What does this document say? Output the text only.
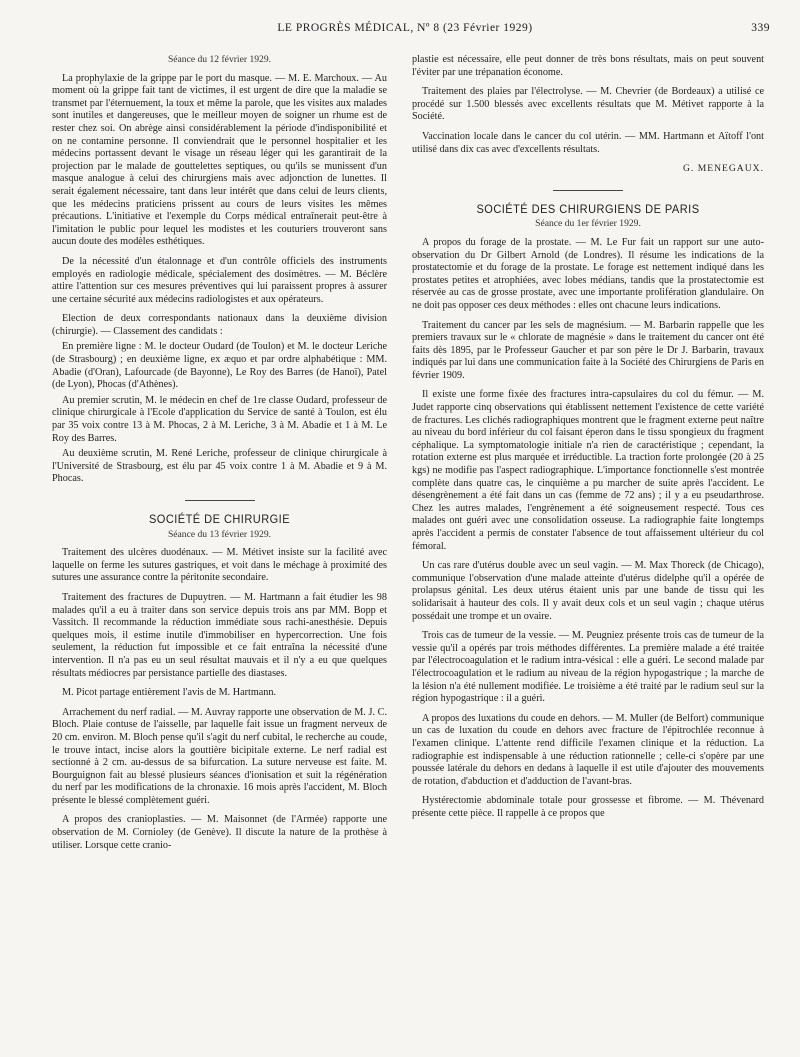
LE PROGRÈS MÉDICAL, Nº 8 (23 Février 1929)	339

Séance du 12 février 1929.

La prophylaxie de la grippe par le port du masque. — M. E. Marchoux. — Au moment où la grippe fait tant de victimes, il est urgent de dire que la maladie se transmet par l'éternuement, la toux et même la parole, que les visites aux malades sont inutiles et dangereuses, que le meilleur moyen de soigner un rhume est de rester chez soi. On abrège ainsi considérablement la période d'indisponibilité et on ne contamine personne. Il conviendrait que le personnel hospitalier et les médecins portassent devant le visage un réseau léger qui les garantirait de la projection par le malade de gouttelettes septiques, ou qu'ils se munissent d'un masque analogue à celui des chirurgiens mais avec adjonction de lunettes. Il serait également nécessaire, tant dans leur intérêt que dans celui de leurs clients, que les médecins praticiens prissent au cours de leurs visites les mêmes précautions. L'initiative et l'exemple du Corps médical entraînerait peut-être à l'imitation le public pour lequel les modistes et les couturiers trouveront sans aucun doute des modèles esthétiques.

De la nécessité d'un étalonnage et d'un contrôle officiels des instruments employés en radiologie médicale, spécialement des dosimètres. — M. Béclère attire l'attention sur ces mesures préventives qui lui paraissent propres à assurer une certaine sécurité aux médecins radiologistes et aux opérateurs.

Election de deux correspondants nationaux dans la deuxième division (chirurgie). — Classement des candidats :

En première ligne : M. le docteur Oudard (de Toulon) et M. le docteur Leriche (de Strasbourg) ; en deuxième ligne, ex æquo et par ordre alphabétique : MM. Abadie (d'Oran), Lafourcade (de Bayonne), Le Roy des Barres (de Hanoï), Patel (de Lyon), Phocas (d'Athènes).

Au premier scrutin, M. le médecin en chef de 1re classe Oudard, professeur de clinique chirurgicale à l'Ecole d'application du Service de santé à Toulon, est élu par 35 voix contre 13 à M. Phocas, 2 à M. Leriche, 3 à M. Abadie et 1 à M. Le Roy des Barres.

Au deuxième scrutin, M. René Leriche, professeur de clinique chirurgicale à l'Université de Strasbourg, est élu par 45 voix contre 1 à M. Abadie et 9 à M. Phocas.

SOCIÉTÉ DE CHIRURGIE

Séance du 13 février 1929.

Traitement des ulcères duodénaux. — M. Métivet insiste sur la facilité avec laquelle on ferme les sutures gastriques, et voit dans le méchage à proximité des sutures une assurance contre la péritonite secondaire.

Traitement des fractures de Dupuytren. — M. Hartmann a fait étudier les 98 malades qu'il a eu à traiter dans son service depuis trois ans par MM. Bopp et Vassitch. Il recommande la réduction immédiate sous rachi-anesthésie. Depuis quelques mois, il estime inutile d'immobiliser en hypercorrection. Une fois seulement, la réduction fut impossible et ce fait entraîna la nécessité d'une intervention. Il n'a pas eu un seul résultat mauvais et il n'y a eu que quelques résultats médiocres par persistance partielle des diastases.

M. Picot partage entièrement l'avis de M. Hartmann.

Arrachement du nerf radial. — M. Auvray rapporte une observation de M. J. C. Bloch. Plaie contuse de l'aisselle, par laquelle fait issue un fragment nerveux de 20 cm. environ. M. Bloch pense qu'il s'agit du nerf cubital, le recherche au coude, le trouve intact, incise alors la gouttière bicipitale externe. Le nerf radial est sectionné à 2 cm. au-dessus de sa bifurcation. La suture nerveuse est faite. M. Bourguignon fait au blessé plusieurs séances d'ionisation et suit la régénération du nerf par les modifications de la chronaxie. 16 mois après l'accident, M. Bloch présente le blessé complètement guéri.

A propos des cranioplasties. — M. Maisonnet (de l'Armée) rapporte une observation de M. Cornioley (de Genève). Il discute la nature de la prothèse à utiliser. Lorsque cette cranio-

plastie est nécessaire, elle peut donner de très bons résultats, mais on peut souvent l'éviter par une trépanation économe.

Traitement des plaies par l'électrolyse. — M. Chevrier (de Bordeaux) a utilisé ce procédé sur 1.500 blessés avec excellents résultats que M. Métivet rapporte à la Société.

Vaccination locale dans le cancer du col utérin. — MM. Hartmann et Aïtoff l'ont utilisé dans dix cas avec d'excellents résultats.

G. MENEGAUX.

SOCIÉTÉ DES CHIRURGIENS DE PARIS

Séance du 1er février 1929.

A propos du forage de la prostate. — M. Le Fur fait un rapport sur une auto-observation du Dr Gilbert Arnold (de Londres). Il résume les indications de la prostatectomie et du forage de la prostate. Le forage est nettement indiqué dans les prostates petites et atrophiées, avec lobes médians, tandis que la prostatectomie est réservée au cas de grosse prostate, avec une importante prolifération glandulaire. On ne doit pas opposer ces deux méthodes : elles ont chacune leurs indications.

Traitement du cancer par les sels de magnésium. — M. Barbarin rappelle que les premiers travaux sur le « chlorate de magnésie » dans le traitement du cancer ont été faits dès 1895, par le Professeur Gaucher et par son père le Dr J. Barbarin, travaux indiqués par lui dans une communication faite à la Société des Chirurgiens de Paris en février 1909.

Il existe une forme fixée des fractures intra-capsulaires du col du fémur. — M. Judet rapporte cinq observations qui établissent nettement l'existence de cette variété de fractures. Les clichés radiographiques montrent que le fragment externe peut naître au niveau du bord inférieur du col faisant éperon dans le tissu spongieux du fragment céphalique. La symptomatologie initiale n'a rien de caractéristique ; cependant, la rotation externe est plus marquée et irréductible. La traction forte prolongée (20 à 25 kgs) ne modifie pas l'aspect radiographique. L'importance fonctionnelle s'est montrée complète dans quatre cas, le cinquième a pu marcher de suite après l'accident. Le désengrènement a été fait dans un cas (femme de 72 ans) ; il y a eu pseudarthrose. Chez les autres malades, l'engrènement a été soigneusement respecté. Tous ces malades ont guéri avec une consolidation osseuse. La radiographie faite longtemps après l'accident a permis de constater l'absence de tout affaissement ultérieur du col fémoral.

Un cas rare d'utérus double avec un seul vagin. — M. Max Thoreck (de Chicago), communique l'observation d'une malade atteinte d'utérus didelphe qu'il a opérée de prolapsus génital. Les deux utérus étaient unis par une bande de tissu qui les solidarisait à hauteur des cols. Il y avait deux cols et un seul vagin ; chaque utérus possédait une trompe et un ovaire.

Trois cas de tumeur de la vessie. — M. Peugniez présente trois cas de tumeur de la vessie qu'il a opérés par trois méthodes différentes. La première malade a été traitée par l'électrocoagulation et le radium intra-vésical : elle a guéri. Le second malade par l'électrocoagulation et le radium au niveau de la région hypogastrique ; la marche de la lésion n'a été nullement modifiée. Le troisième a été traité par le radium seul sur la région hypogastrique : il a guéri.

A propos des luxations du coude en dehors. — M. Muller (de Belfort) communique un cas de luxation du coude en dehors avec fracture de l'épitrochlée reconnue à l'examen clinique. L'attente rend difficile l'examen clinique et la réduction. La radiographie est indispensable à une réduction rationnelle ; celle-ci s'opère par une poussée latérale du dehors en dedans à laquelle il est utile d'ajouter des mouvements de rotation, d'abduction et d'adduction de l'avant-bras.

Hystérectomie abdominale totale pour grossesse et fibrome. — M. Thévenard présente cette pièce. Il rappelle à ce propos que
